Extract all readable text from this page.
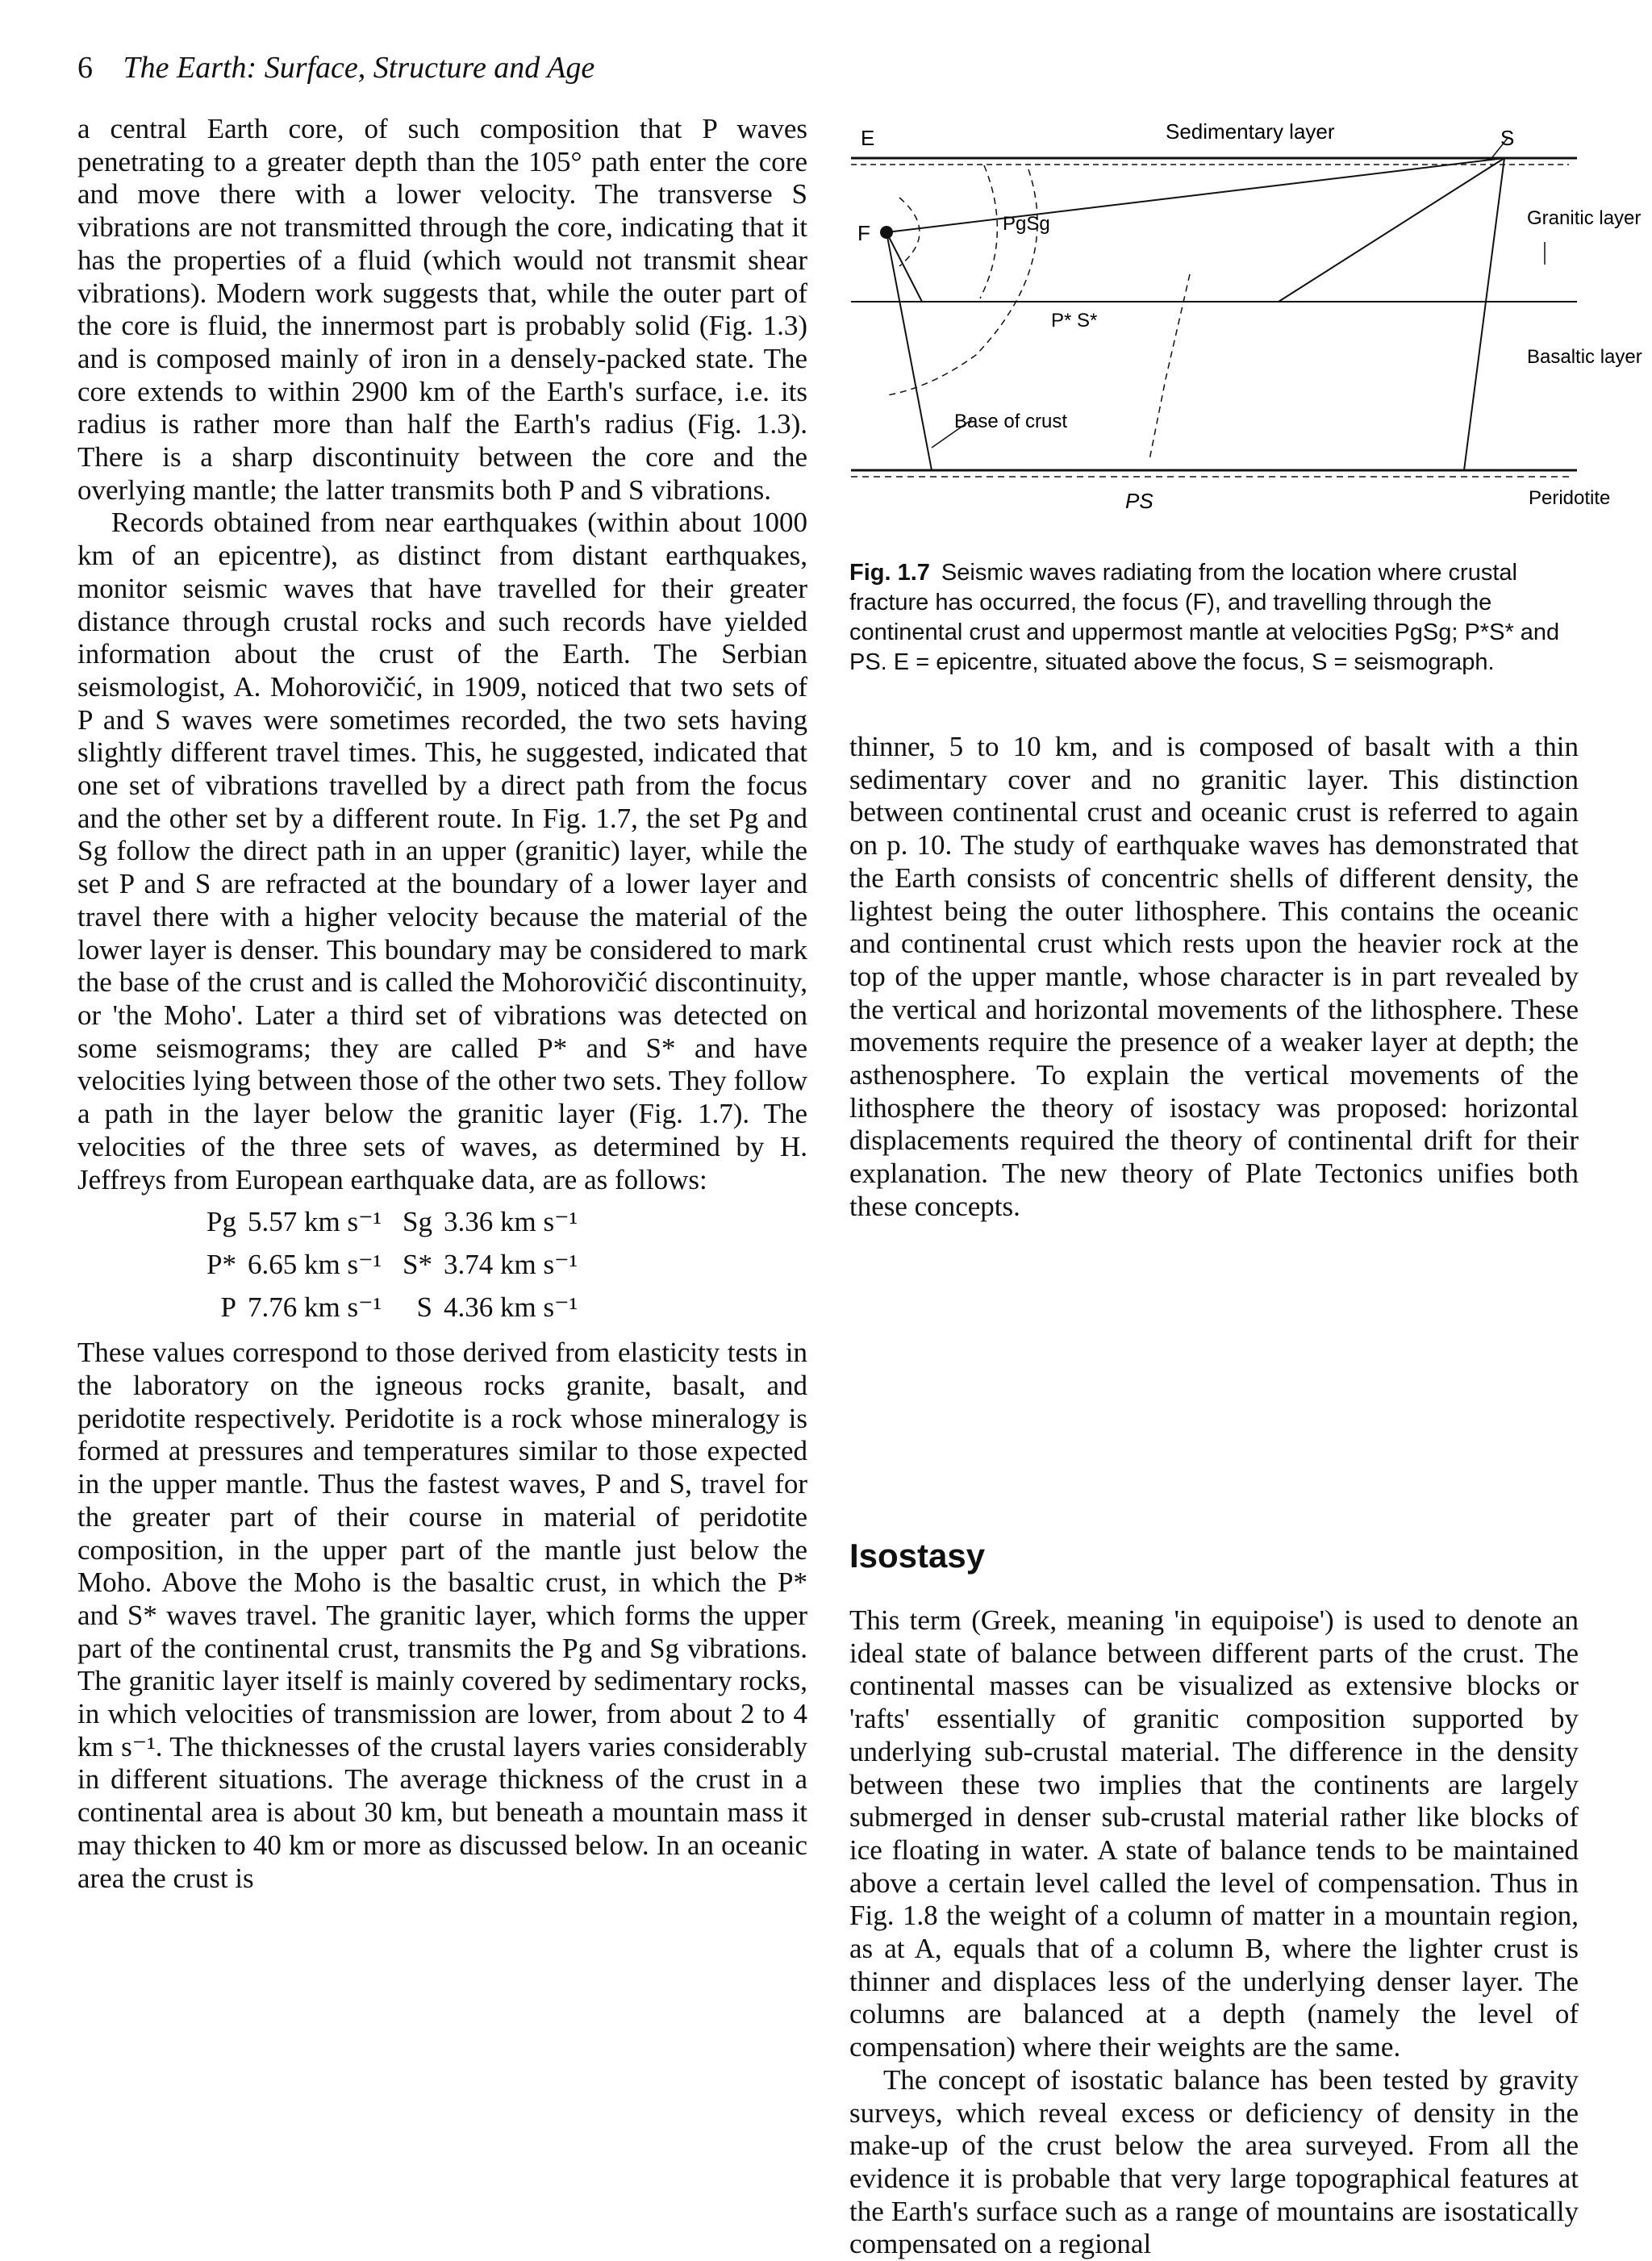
6 The Earth: Surface, Structure and Age

a central Earth core, of such composition that P waves penetrating to a greater depth than the 105° path enter the core and move there with a lower velocity. The transverse S vibrations are not transmitted through the core, indicating that it has the properties of a fluid (which would not transmit shear vibrations). Modern work suggests that, while the outer part of the core is fluid, the innermost part is probably solid (Fig. 1.3) and is composed mainly of iron in a densely-packed state. The core extends to within 2900 km of the Earth's surface, i.e. its radius is rather more than half the Earth's radius (Fig. 1.3). There is a sharp discontinuity between the core and the overlying mantle; the latter transmits both P and S vibrations.

Records obtained from near earthquakes (within about 1000 km of an epicentre), as distinct from distant earthquakes, monitor seismic waves that have travelled for their greater distance through crustal rocks and such records have yielded information about the crust of the Earth. The Serbian seismologist, A. Mohorovičić, in 1909, noticed that two sets of P and S waves were sometimes recorded, the two sets having slightly different travel times. This, he suggested, indicated that one set of vibrations travelled by a direct path from the focus and the other set by a different route. In Fig. 1.7, the set Pg and Sg follow the direct path in an upper (granitic) layer, while the set P and S are refracted at the boundary of a lower layer and travel there with a higher velocity because the material of the lower layer is denser. This boundary may be considered to mark the base of the crust and is called the Mohorovičić discontinuity, or 'the Moho'. Later a third set of vibrations was detected on some seismograms; they are called P* and S* and have velocities lying between those of the other two sets. They follow a path in the layer below the granitic layer (Fig. 1.7). The velocities of the three sets of waves, as determined by H. Jeffreys from European earthquake data, are as follows:

Pg	5.57 km s⁻¹	Sg	3.36 km s⁻¹
P*	6.65 km s⁻¹	S*	3.74 km s⁻¹
P	7.76 km s⁻¹	S	4.36 km s⁻¹

These values correspond to those derived from elasticity tests in the laboratory on the igneous rocks granite, basalt, and peridotite respectively. Peridotite is a rock whose mineralogy is formed at pressures and temperatures similar to those expected in the upper mantle. Thus the fastest waves, P and S, travel for the greater part of their course in material of peridotite composition, in the upper part of the mantle just below the Moho. Above the Moho is the basaltic crust, in which the P* and S* waves travel. The granitic layer, which forms the upper part of the continental crust, transmits the Pg and Sg vibrations. The granitic layer itself is mainly covered by sedimentary rocks, in which velocities of transmission are lower, from about 2 to 4 km s⁻¹. The thicknesses of the crustal layers varies considerably in different situations. The average thickness of the crust in a continental area is about 30 km, but beneath a mountain mass it may thicken to 40 km or more as discussed below. In an oceanic area the crust is

E	S
F
Sedimentary layer
Granitic layer
Basaltic layer
Peridotite
Base of crust
PgSg
P* S*
PS
Fig. 1.7 Seismic waves radiating from the location where crustal fracture has occurred, the focus (F), and travelling through the continental crust and uppermost mantle at velocities PgSg; P*S* and PS. E = epicentre, situated above the focus, S = seismograph.

thinner, 5 to 10 km, and is composed of basalt with a thin sedimentary cover and no granitic layer. This distinction between continental crust and oceanic crust is referred to again on p. 10. The study of earthquake waves has demonstrated that the Earth consists of concentric shells of different density, the lightest being the outer lithosphere. This contains the oceanic and continental crust which rests upon the heavier rock at the top of the upper mantle, whose character is in part revealed by the vertical and horizontal movements of the lithosphere. These movements require the presence of a weaker layer at depth; the asthenosphere. To explain the vertical movements of the lithosphere the theory of isostacy was proposed: horizontal displacements required the theory of continental drift for their explanation. The new theory of Plate Tectonics unifies both these concepts.

Isostasy

This term (Greek, meaning 'in equipoise') is used to denote an ideal state of balance between different parts of the crust. The continental masses can be visualized as extensive blocks or 'rafts' essentially of granitic composition supported by underlying sub-crustal material. The difference in the density between these two implies that the continents are largely submerged in denser sub-crustal material rather like blocks of ice floating in water. A state of balance tends to be maintained above a certain level called the level of compensation. Thus in Fig. 1.8 the weight of a column of matter in a mountain region, as at A, equals that of a column B, where the lighter crust is thinner and displaces less of the underlying denser layer. The columns are balanced at a depth (namely the level of compensation) where their weights are the same.

The concept of isostatic balance has been tested by gravity surveys, which reveal excess or deficiency of density in the make-up of the crust below the area surveyed. From all the evidence it is probable that very large topographical features at the Earth's surface such as a range of mountains are isostatically compensated on a regional
